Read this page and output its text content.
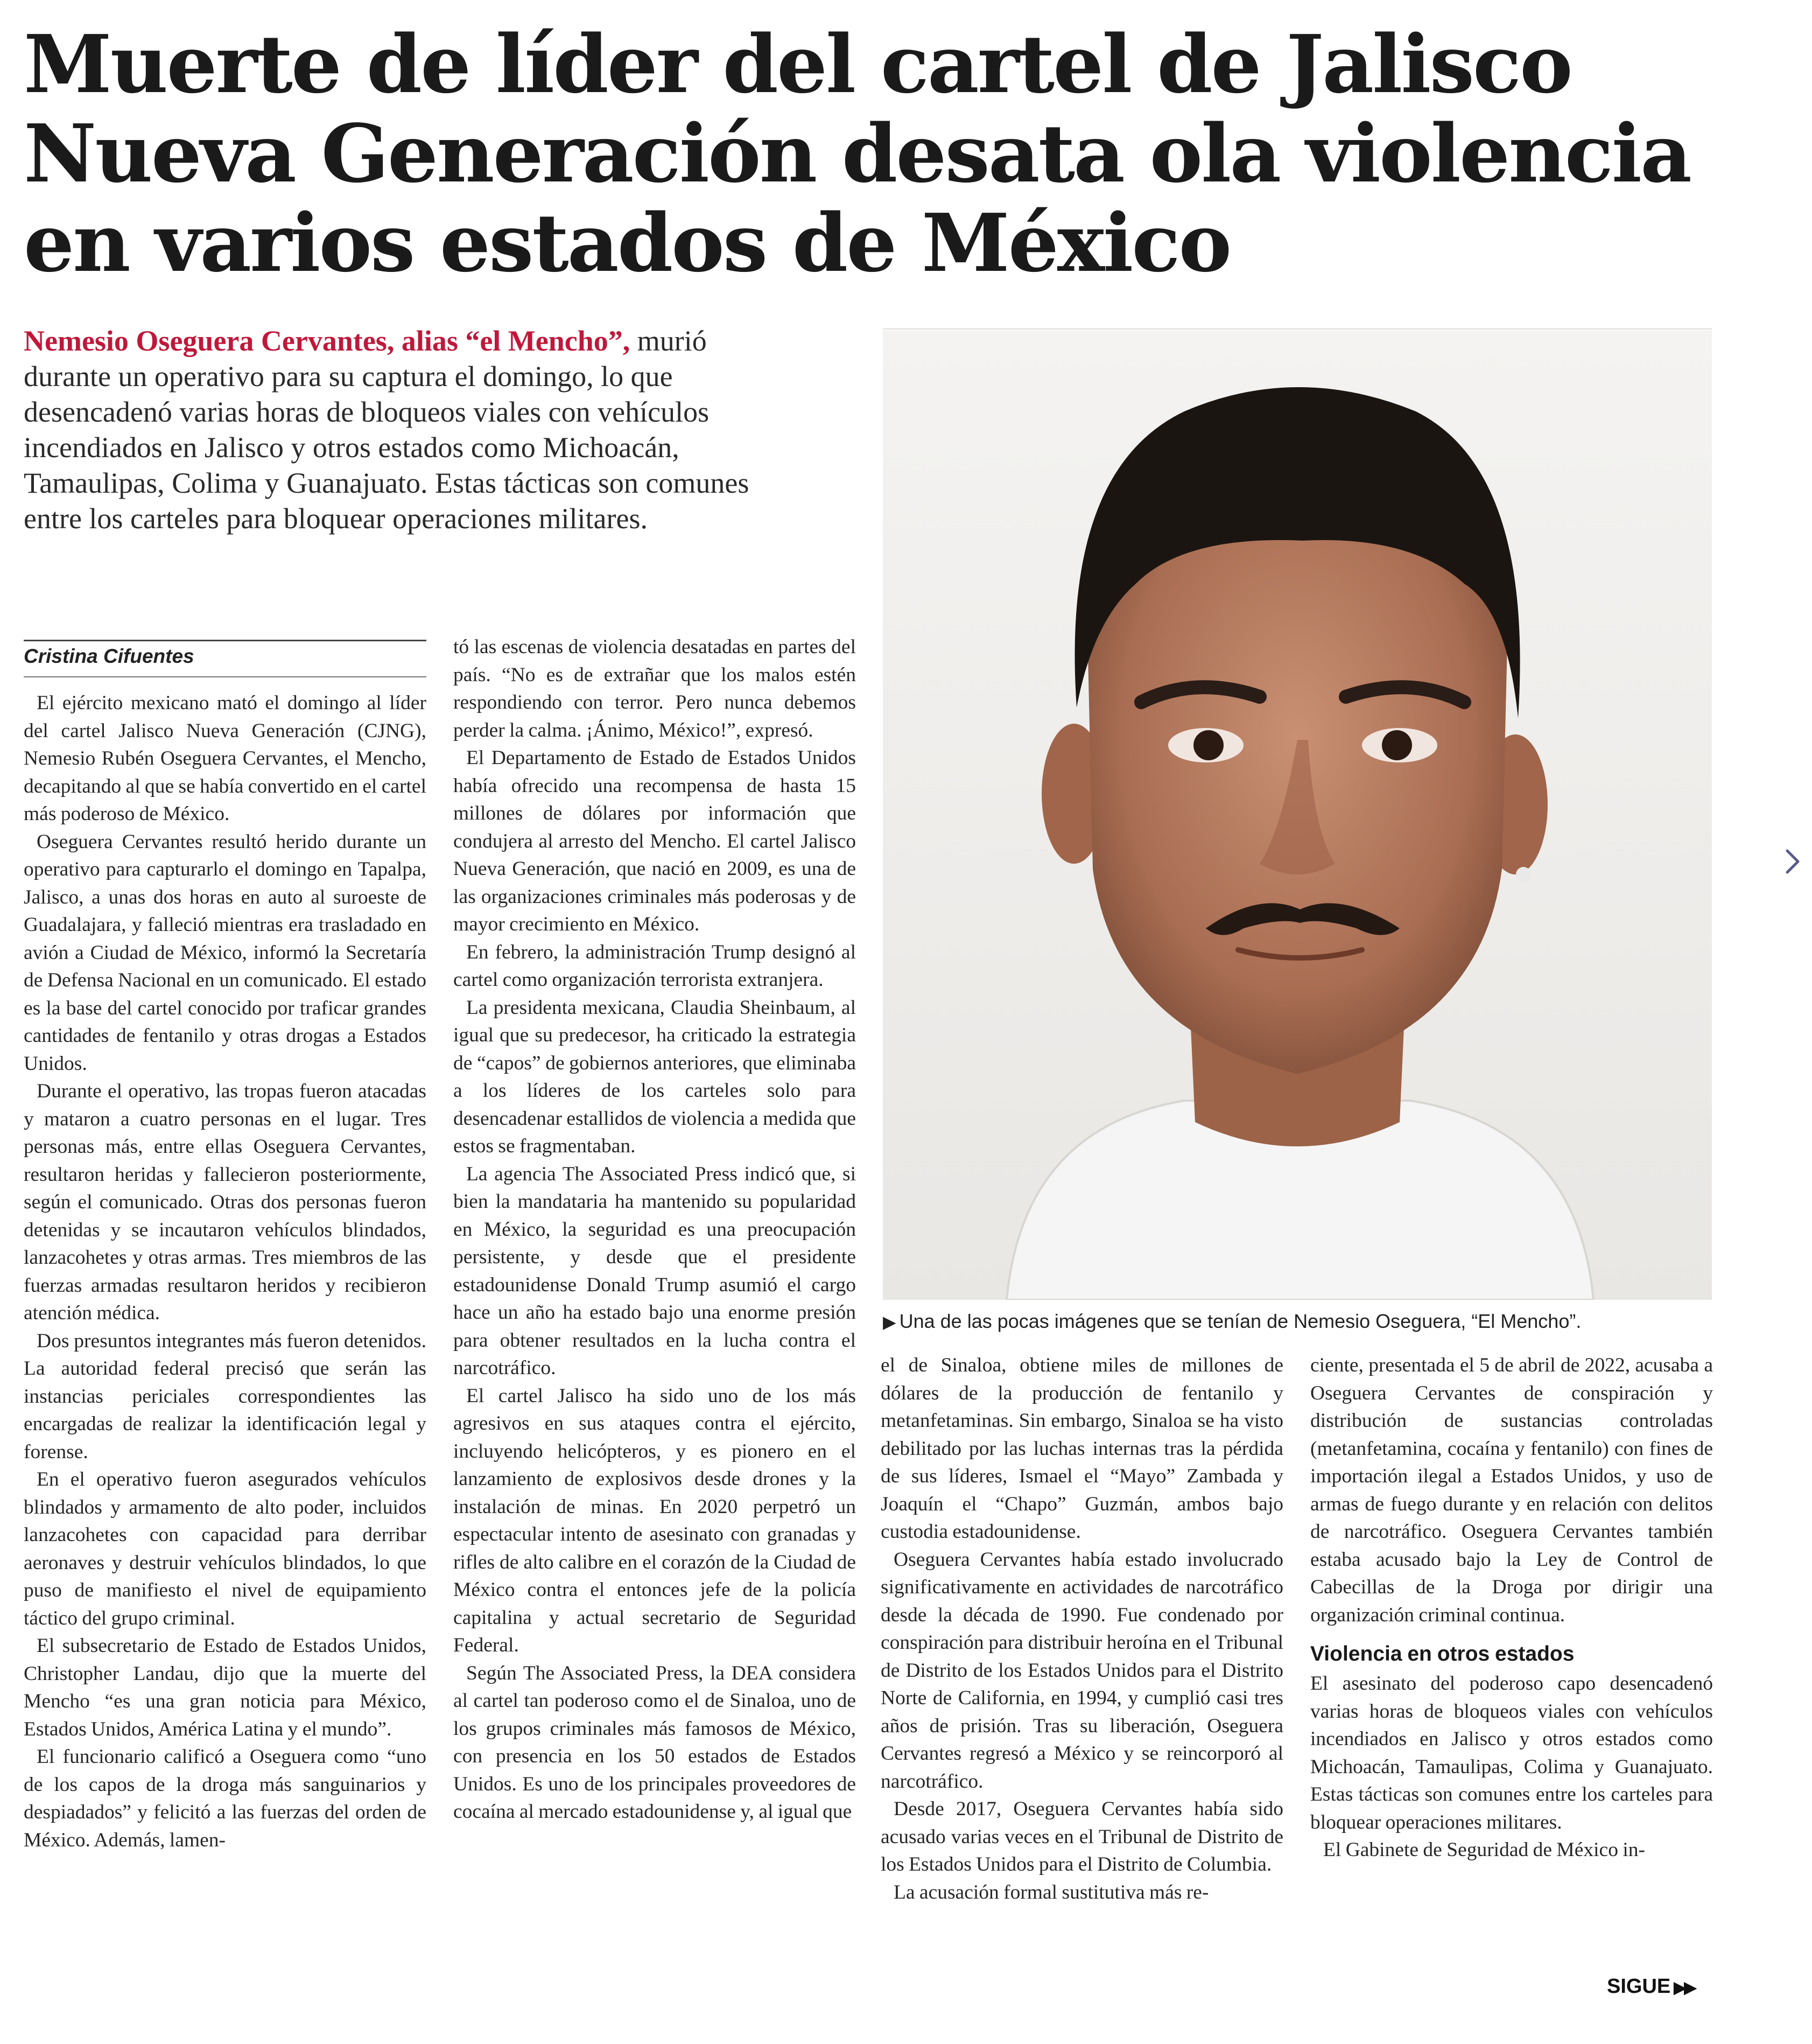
Muerte de líder del cartel de Jalisco Nueva Generación desata ola violencia en varios estados de México
Nemesio Oseguera Cervantes, alias “el Mencho”, murió durante un operativo para su captura el domingo, lo que desencadenó varias horas de bloqueos viales con vehículos incendiados en Jalisco y otros estados como Michoacán, Tamaulipas, Colima y Guanajuato. Estas tácticas son comunes entre los carteles para bloquear operaciones militares.
▶ Una de las pocas imágenes que se tenían de Nemesio Oseguera, “El Mencho”.
Cristina Cifuentes

El ejército mexicano mató el domingo al líder del cartel Jalisco Nueva Generación (CJNG), Nemesio Rubén Oseguera Cervantes, el Mencho, decapitando al que se había convertido en el cartel más poderoso de México.

Oseguera Cervantes resultó herido durante un operativo para capturarlo el domingo en Tapalpa, Jalisco, a unas dos horas en auto al suroeste de Guadalajara, y falleció mientras era trasladado en avión a Ciudad de México, informó la Secretaría de Defensa Nacional en un comunicado. El estado es la base del cartel conocido por traficar grandes cantidades de fentanilo y otras drogas a Estados Unidos.

Durante el operativo, las tropas fueron atacadas y mataron a cuatro personas en el lugar. Tres personas más, entre ellas Oseguera Cervantes, resultaron heridas y fallecieron posteriormente, según el comunicado. Otras dos personas fueron detenidas y se incautaron vehículos blindados, lanzacohetes y otras armas. Tres miembros de las fuerzas armadas resultaron heridos y recibieron atención médica.

Dos presuntos integrantes más fueron detenidos. La autoridad federal precisó que serán las instancias periciales correspondientes las encargadas de realizar la identificación legal y forense.

En el operativo fueron asegurados vehículos blindados y armamento de alto poder, incluidos lanzacohetes con capacidad para derribar aeronaves y destruir vehículos blindados, lo que puso de manifiesto el nivel de equipamiento táctico del grupo criminal.

El subsecretario de Estado de Estados Unidos, Christopher Landau, dijo que la muerte del Mencho “es una gran noticia para México, Estados Unidos, América Latina y el mundo”.

El funcionario calificó a Oseguera como “uno de los capos de la droga más sanguinarios y despiadados” y felicitó a las fuerzas del orden de México. Además, lamen-

tó las escenas de violencia desatadas en partes del país. “No es de extrañar que los malos estén respondiendo con terror. Pero nunca debemos perder la calma. ¡Ánimo, México!”, expresó.

El Departamento de Estado de Estados Unidos había ofrecido una recompensa de hasta 15 millones de dólares por información que condujera al arresto del Mencho. El cartel Jalisco Nueva Generación, que nació en 2009, es una de las organizaciones criminales más poderosas y de mayor crecimiento en México.

En febrero, la administración Trump designó al cartel como organización terrorista extranjera.

La presidenta mexicana, Claudia Sheinbaum, al igual que su predecesor, ha criticado la estrategia de “capos” de gobiernos anteriores, que eliminaba a los líderes de los carteles solo para desencadenar estallidos de violencia a medida que estos se fragmentaban.

La agencia The Associated Press indicó que, si bien la mandataria ha mantenido su popularidad en México, la seguridad es una preocupación persistente, y desde que el presidente estadounidense Donald Trump asumió el cargo hace un año ha estado bajo una enorme presión para obtener resultados en la lucha contra el narcotráfico.

El cartel Jalisco ha sido uno de los más agresivos en sus ataques contra el ejército, incluyendo helicópteros, y es pionero en el lanzamiento de explosivos desde drones y la instalación de minas. En 2020 perpetró un espectacular intento de asesinato con granadas y rifles de alto calibre en el corazón de la Ciudad de México contra el entonces jefe de la policía capitalina y actual secretario de Seguridad Federal.

Según The Associated Press, la DEA considera al cartel tan poderoso como el de Sinaloa, uno de los grupos criminales más famosos de México, con presencia en los 50 estados de Estados Unidos. Es uno de los principales proveedores de cocaína al mercado estadounidense y, al igual que

el de Sinaloa, obtiene miles de millones de dólares de la producción de fentanilo y metanfetaminas. Sin embargo, Sinaloa se ha visto debilitado por las luchas internas tras la pérdida de sus líderes, Ismael el “Mayo” Zambada y Joaquín el “Chapo” Guzmán, ambos bajo custodia estadounidense.

Oseguera Cervantes había estado involucrado significativamente en actividades de narcotráfico desde la década de 1990. Fue condenado por conspiración para distribuir heroína en el Tribunal de Distrito de los Estados Unidos para el Distrito Norte de California, en 1994, y cumplió casi tres años de prisión. Tras su liberación, Oseguera Cervantes regresó a México y se reincorporó al narcotráfico.

Desde 2017, Oseguera Cervantes había sido acusado varias veces en el Tribunal de Distrito de los Estados Unidos para el Distrito de Columbia.

La acusación formal sustitutiva más re-

ciente, presentada el 5 de abril de 2022, acusaba a Oseguera Cervantes de conspiración y distribución de sustancias controladas (metanfetamina, cocaína y fentanilo) con fines de importación ilegal a Estados Unidos, y uso de armas de fuego durante y en relación con delitos de narcotráfico. Oseguera Cervantes también estaba acusado bajo la Ley de Control de Cabecillas de la Droga por dirigir una organización criminal continua.

Violencia en otros estados

El asesinato del poderoso capo desencadenó varias horas de bloqueos viales con vehículos incendiados en Jalisco y otros estados como Michoacán, Tamaulipas, Colima y Guanajuato. Estas tácticas son comunes entre los carteles para bloquear operaciones militares.

El Gabinete de Seguridad de México in-

SIGUE ▶▶
